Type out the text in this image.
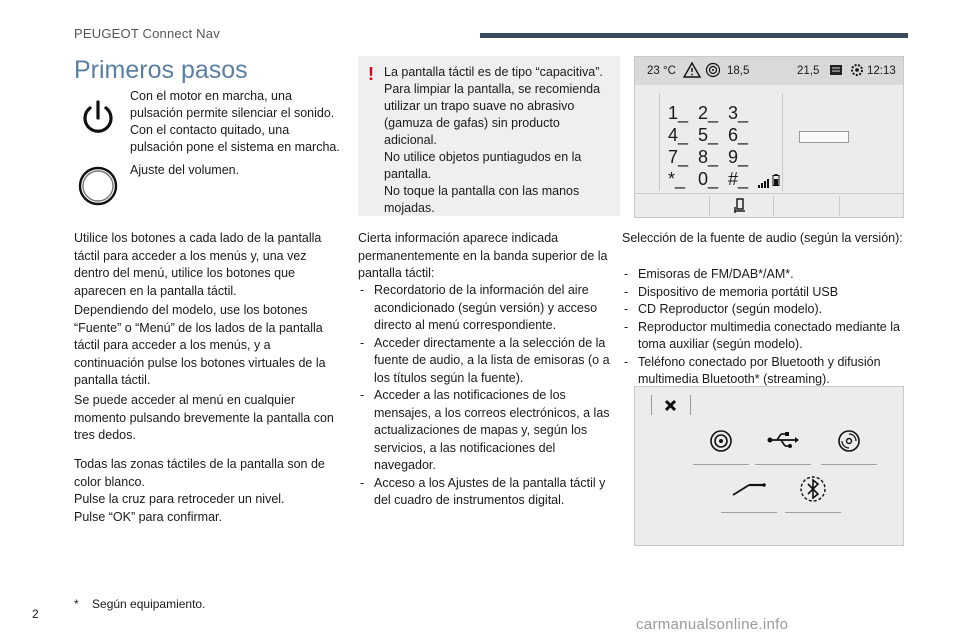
PEUGEOT Connect Nav
Primeros pasos
Con el motor en marcha, una pulsación permite silenciar el sonido. Con el contacto quitado, una pulsación pone el sistema en marcha.
Ajuste del volumen.
Utilice los botones a cada lado de la pantalla táctil para acceder a los menús y, una vez dentro del menú, utilice los botones que aparecen en la pantalla táctil.
Dependiendo del modelo, use los botones “Fuente” o “Menú” de los lados de la pantalla táctil para acceder a los menús, y a continuación pulse los botones virtuales de la pantalla táctil.
Se puede acceder al menú en cualquier momento pulsando brevemente la pantalla con tres dedos.
Todas las zonas táctiles de la pantalla son de color blanco.
Pulse la cruz para retroceder un nivel.
Pulse “OK” para confirmar.
! La pantalla táctil es de tipo “capacitiva”.
Para limpiar la pantalla, se recomienda utilizar un trapo suave no abrasivo (gamuza de gafas) sin producto adicional.
No utilice objetos puntiagudos en la pantalla.
No toque la pantalla con las manos mojadas.
Cierta información aparece indicada permanentemente en la banda superior de la pantalla táctil:
- Recordatorio de la información del aire acondicionado (según versión) y acceso directo al menú correspondiente.
- Acceder directamente a la selección de la fuente de audio, a la lista de emisoras (o a los títulos según la fuente).
- Acceder a las notificaciones de los mensajes, a los correos electrónicos, a las actualizaciones de mapas y, según los servicios, a las notificaciones del navegador.
- Acceso a los Ajustes de la pantalla táctil y del cuadro de instrumentos digital.
23 °C	18,5	21,5	12:13
1_ 2_ 3_
4_ 5_ 6_
7_ 8_ 9_
*_ 0_ #_
Selección de la fuente de audio (según la versión):
- Emisoras de FM/DAB*/AM*.
- Dispositivo de memoria portátil USB
- CD Reproductor (según modelo).
- Reproductor multimedia conectado mediante la toma auxiliar (según modelo).
- Teléfono conectado por Bluetooth y difusión multimedia Bluetooth* (streaming).
* Según equipamiento.
2
carmanualsonline.info
